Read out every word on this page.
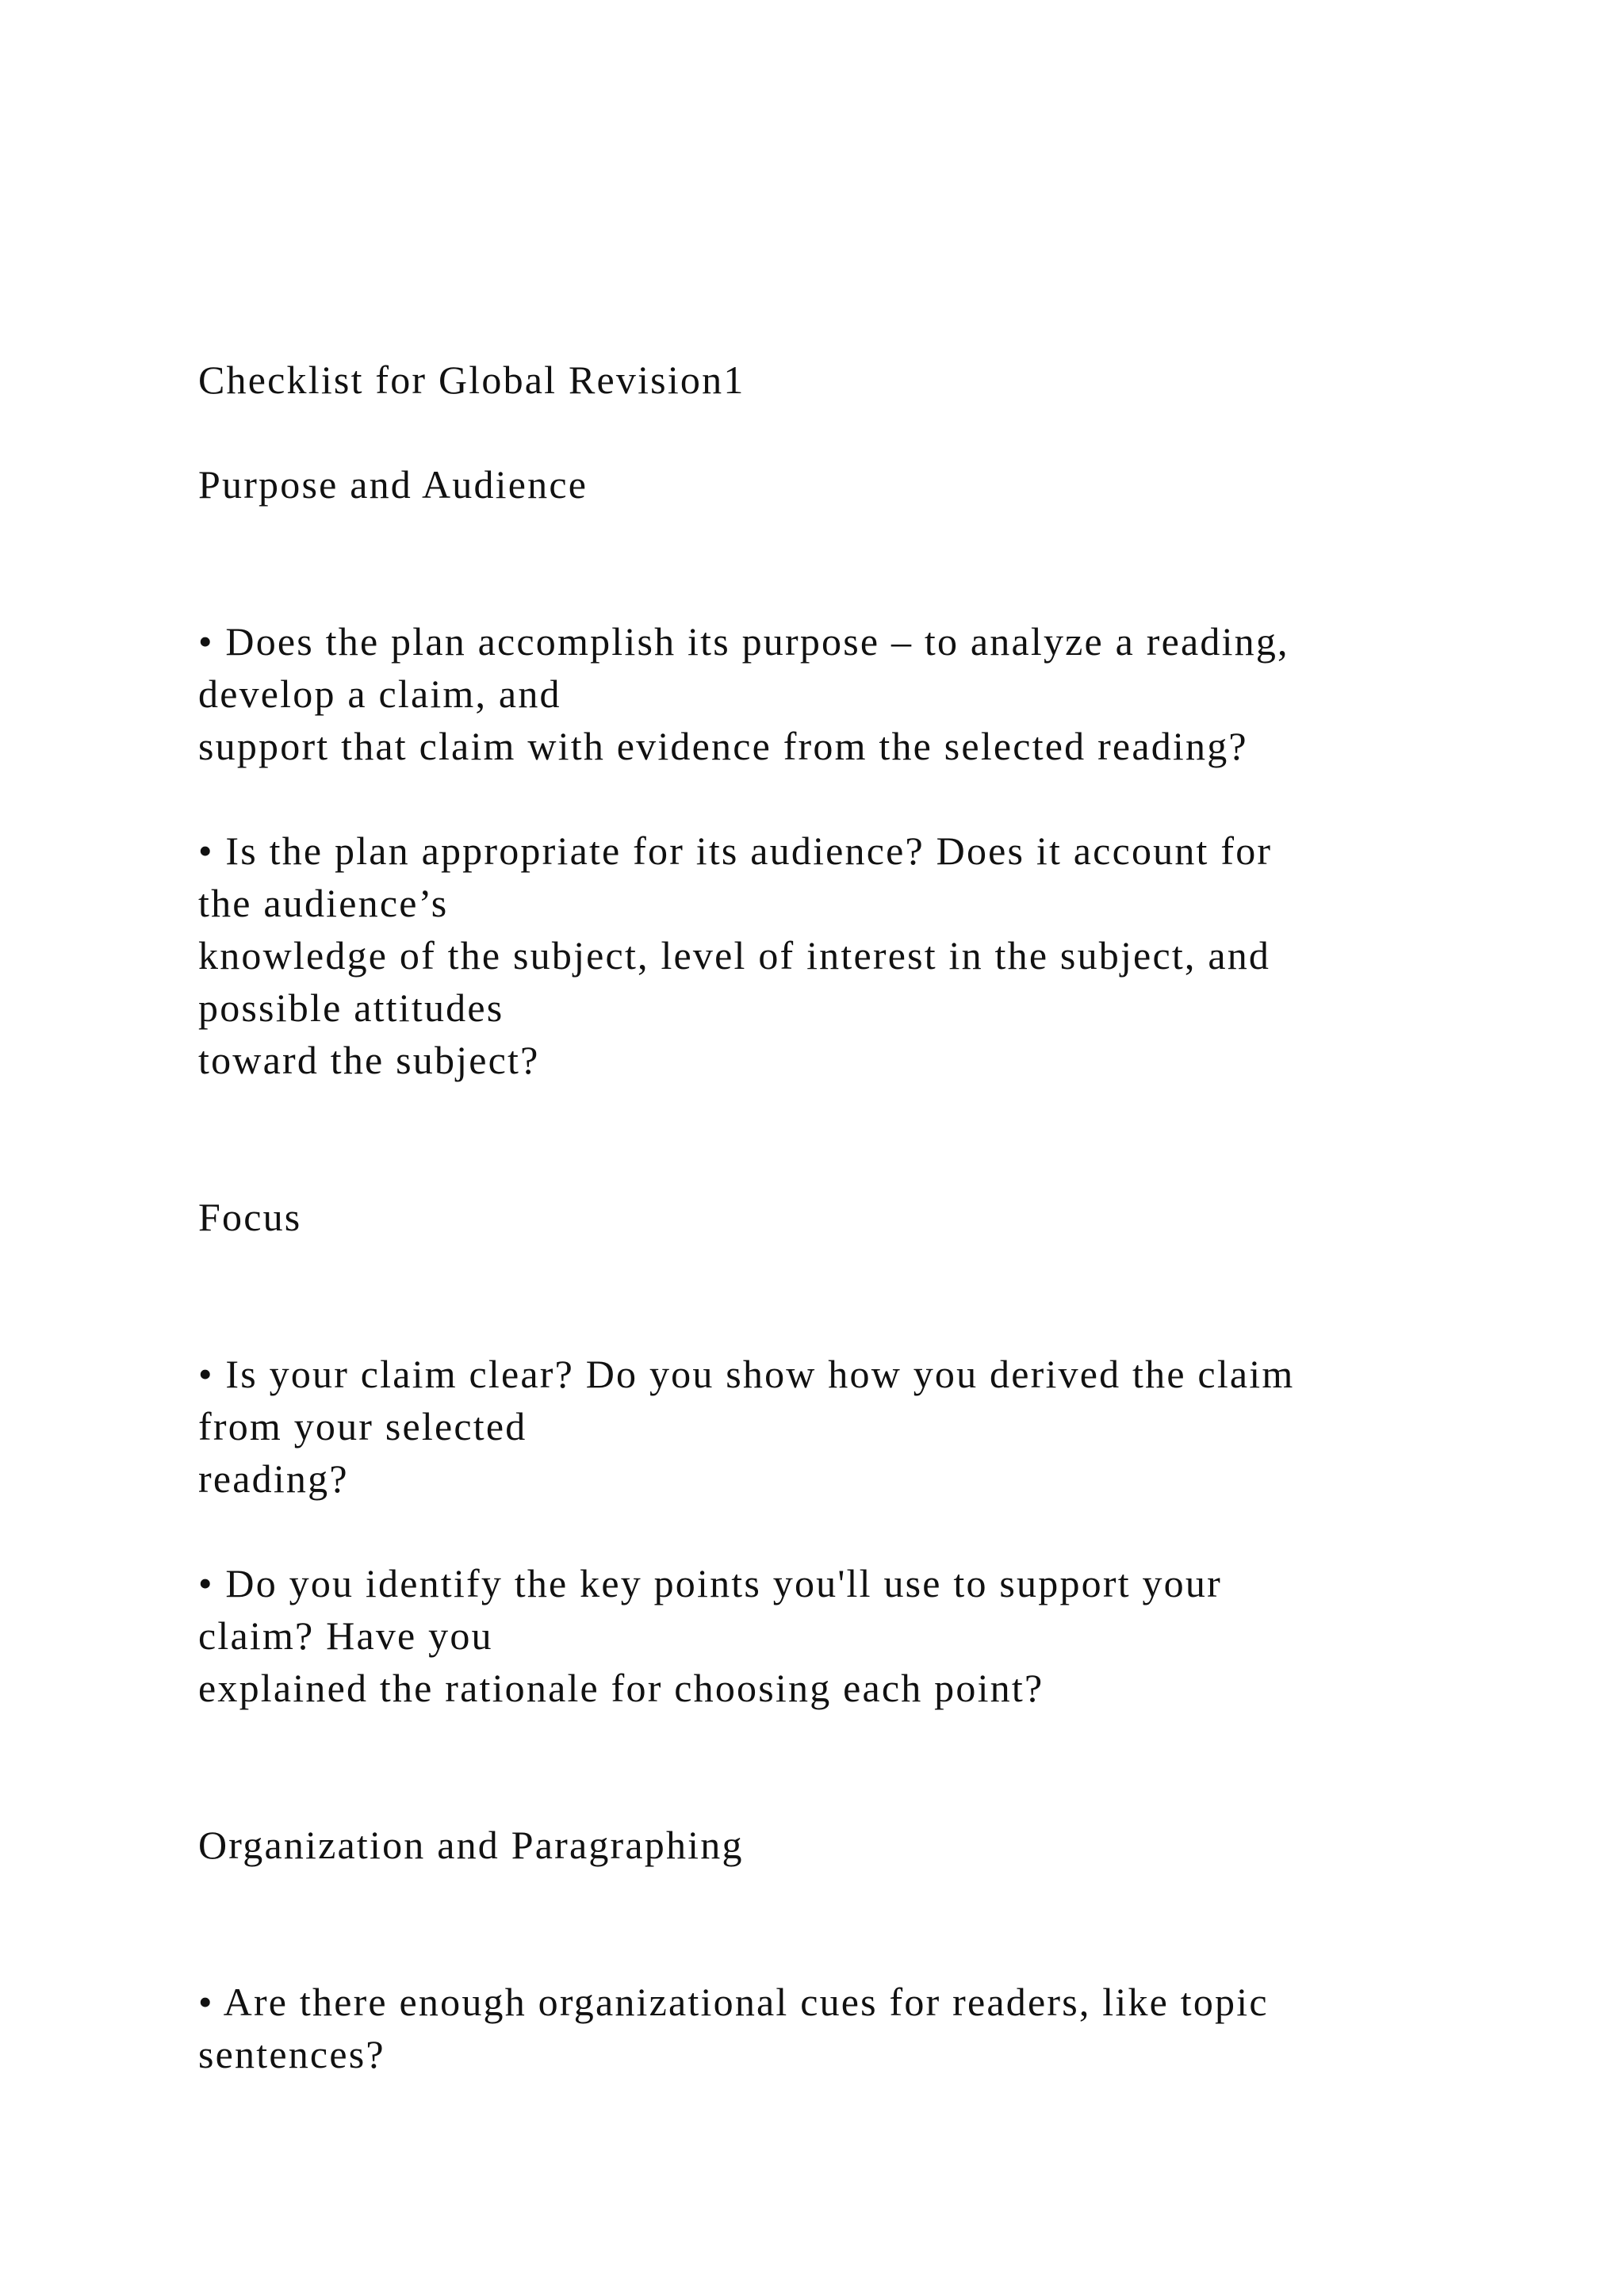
Checklist for Global Revision1
Purpose and Audience
• Does the plan accomplish its purpose – to analyze a reading,
develop a claim, and
support that claim with evidence from the selected reading?
• Is the plan appropriate for its audience? Does it account for
the audience’s
knowledge of the subject, level of interest in the subject, and
possible attitudes
toward the subject?
Focus
• Is your claim clear? Do you show how you derived the claim
from your selected
reading?
• Do you identify the key points you'll use to support your
claim? Have you
explained the rationale for choosing each point?
Organization and Paragraphing
• Are there enough organizational cues for readers, like topic
sentences?
